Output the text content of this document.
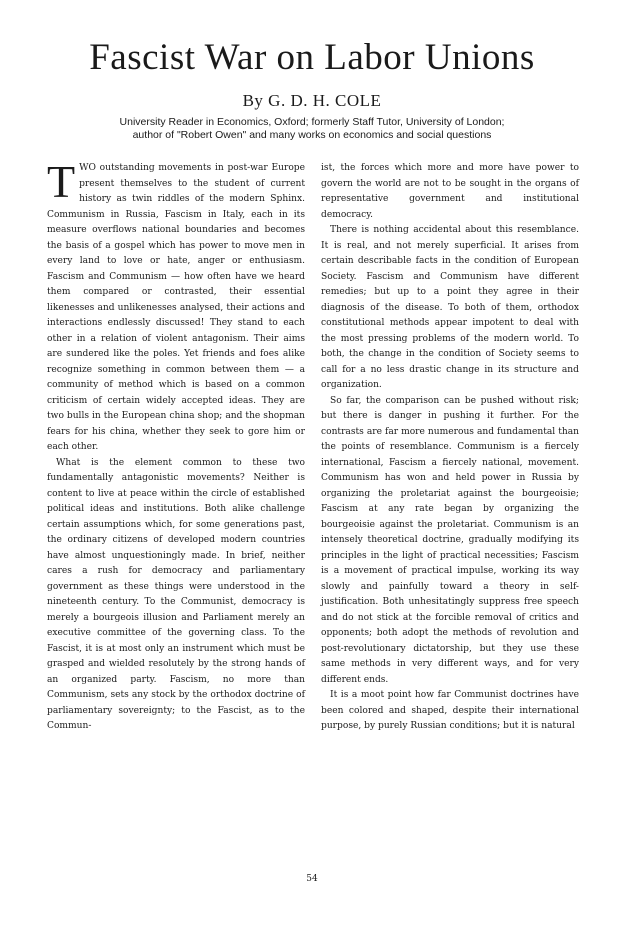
Fascist War on Labor Unions
By G. D. H. COLE
University Reader in Economics, Oxford; formerly Staff Tutor, University of London;
author of "Robert Owen" and many works on economics and social questions

TWO outstanding movements in post-war Europe present themselves to the student of current history as twin riddles of the modern Sphinx. Communism in Russia, Fascism in Italy, each in its measure overflows national boundaries and becomes the basis of a gospel which has power to move men in every land to love or hate, anger or enthusiasm. Fascism and Communism — how often have we heard them compared or contrasted, their essential likenesses and unlikenesses analysed, their actions and interactions endlessly discussed! They stand to each other in a relation of violent antagonism. Their aims are sundered like the poles. Yet friends and foes alike recognize something in common between them — a community of method which is based on a common criticism of certain widely accepted ideas. They are two bulls in the European china shop; and the shopman fears for his china, whether they seek to gore him or each other.

What is the element common to these two fundamentally antagonistic movements? Neither is content to live at peace within the circle of established political ideas and institutions. Both alike challenge certain assumptions which, for some generations past, the ordinary citizens of developed modern countries have almost unquestioningly made. In brief, neither cares a rush for democracy and parliamentary government as these things were understood in the nineteenth century. To the Communist, democracy is merely a bourgeois illusion and Parliament merely an executive committee of the governing class. To the Fascist, it is at most only an instrument which must be grasped and wielded resolutely by the strong hands of an organized party. Fascism, no more than Communism, sets any stock by the orthodox doctrine of parliamentary sovereignty; to the Fascist, as to the Commun-

ist, the forces which more and more have power to govern the world are not to be sought in the organs of representative government and institutional democracy.

There is nothing accidental about this resemblance. It is real, and not merely superficial. It arises from certain describable facts in the condition of European Society. Fascism and Communism have different remedies; but up to a point they agree in their diagnosis of the disease. To both of them, orthodox constitutional methods appear impotent to deal with the most pressing problems of the modern world. To both, the change in the condition of Society seems to call for a no less drastic change in its structure and organization.

So far, the comparison can be pushed without risk; but there is danger in pushing it further. For the contrasts are far more numerous and fundamental than the points of resemblance. Communism is a fiercely international, Fascism a fiercely national, movement. Communism has won and held power in Russia by organizing the proletariat against the bourgeoisie; Fascism at any rate began by organizing the bourgeoisie against the proletariat. Communism is an intensely theoretical doctrine, gradually modifying its principles in the light of practical necessities; Fascism is a movement of practical impulse, working its way slowly and painfully toward a theory in self-justification. Both unhesitatingly suppress free speech and do not stick at the forcible removal of critics and opponents; both adopt the methods of revolution and post-revolutionary dictatorship, but they use these same methods in very different ways, and for very different ends.

It is a moot point how far Communist doctrines have been colored and shaped, despite their international purpose, by purely Russian conditions; but it is natural

54
